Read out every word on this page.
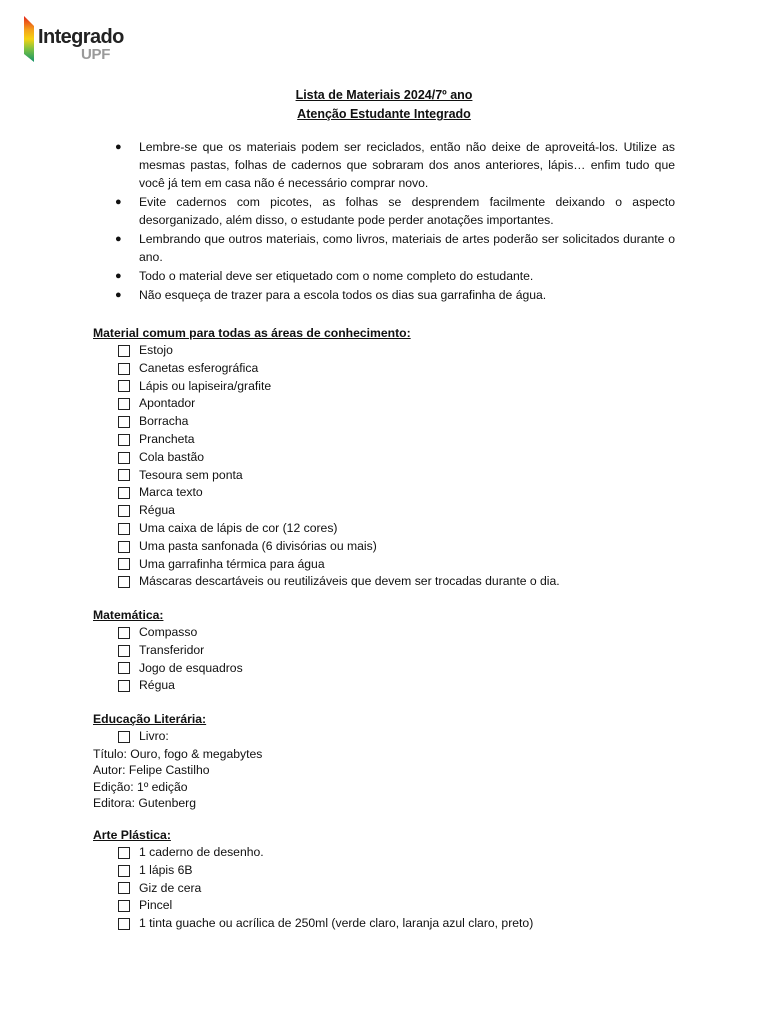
Integrado
UPF
Lista de Materiais 2024/7º ano
Atenção Estudante Integrado
● Lembre-se que os materiais podem ser reciclados, então não deixe de aproveitá-los. Utilize as mesmas pastas, folhas de cadernos que sobraram dos anos anteriores, lápis… enfim tudo que você já tem em casa não é necessário comprar novo.
● Evite cadernos com picotes, as folhas se desprendem facilmente deixando o aspecto desorganizado, além disso, o estudante pode perder anotações importantes.
● Lembrando que outros materiais, como livros, materiais de artes poderão ser solicitados durante o ano.
● Todo o material deve ser etiquetado com o nome completo do estudante.
● Não esqueça de trazer para a escola todos os dias sua garrafinha de água.
Material comum para todas as áreas de conhecimento:
Estojo
Canetas esferográfica
Lápis ou lapiseira/grafite
Apontador
Borracha
Prancheta
Cola bastão
Tesoura sem ponta
Marca texto
Régua
Uma caixa de lápis de cor (12 cores)
Uma pasta sanfonada (6 divisórias ou mais)
Uma garrafinha térmica para água
Máscaras descartáveis ou reutilizáveis que devem ser trocadas durante o dia.
Matemática:
Compasso
Transferidor
Jogo de esquadros
Régua
Educação Literária:
Livro:
Título: Ouro, fogo & megabytes
Autor: Felipe Castilho
Edição: 1º edição
Editora: Gutenberg
Arte Plástica:
1 caderno de desenho.
1 lápis 6B
Giz de cera
Pincel
1 tinta guache ou acrílica de 250ml (verde claro, laranja azul claro, preto)
